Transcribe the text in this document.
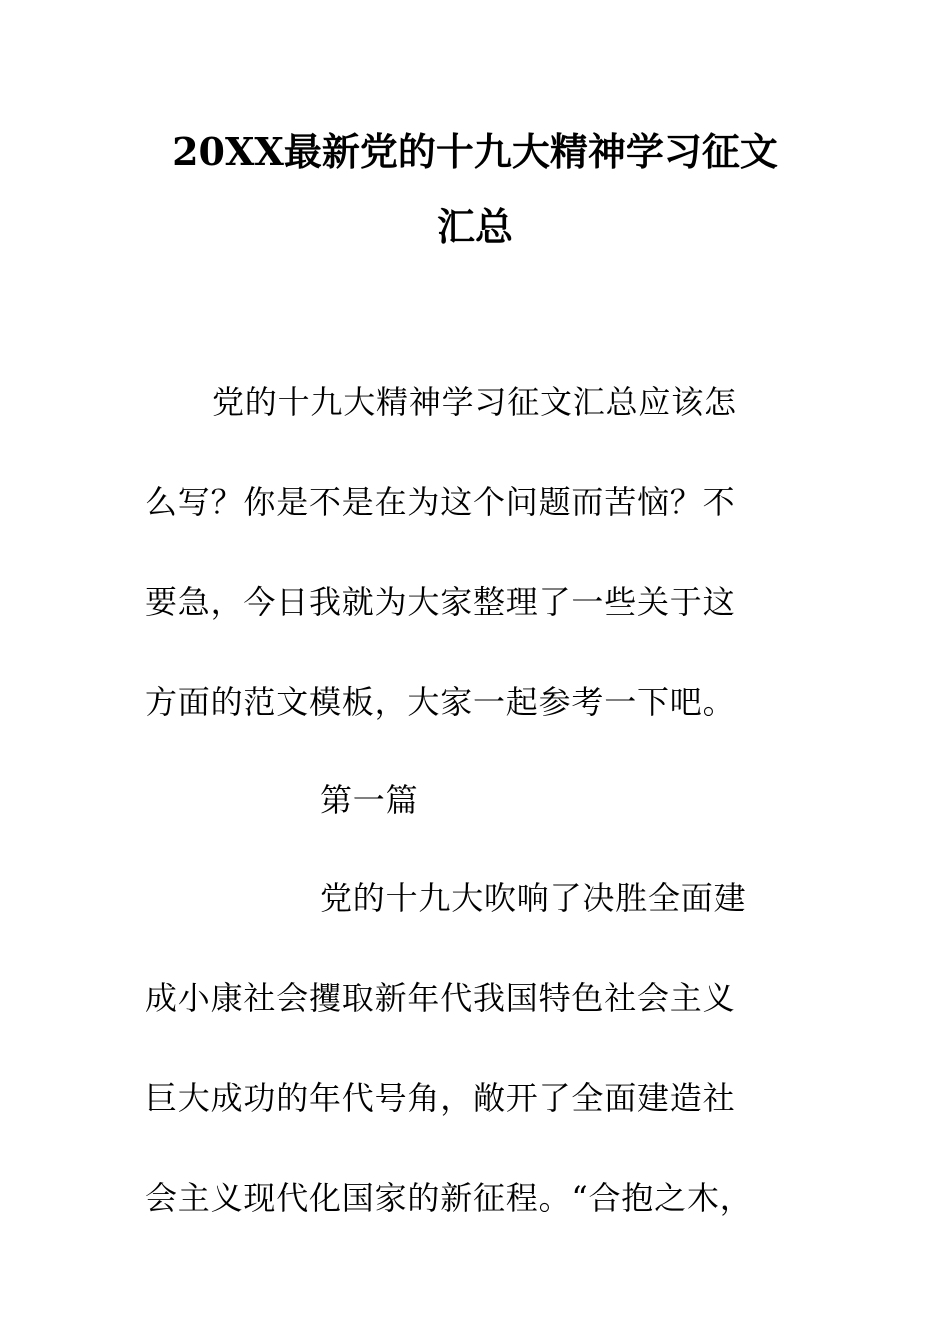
20XX最新党的十九大精神学习征文
汇总
党的十九大精神学习征文汇总应该怎
么写？你是不是在为这个问题而苦恼？不
要急，今日我就为大家整理了一些关于这
方面的范文模板，大家一起参考一下吧。
第一篇
党的十九大吹响了决胜全面建
成小康社会攫取新年代我国特色社会主义
巨大成功的年代号角，敞开了全面建造社
会主义现代化国家的新征程。“合抱之木，
